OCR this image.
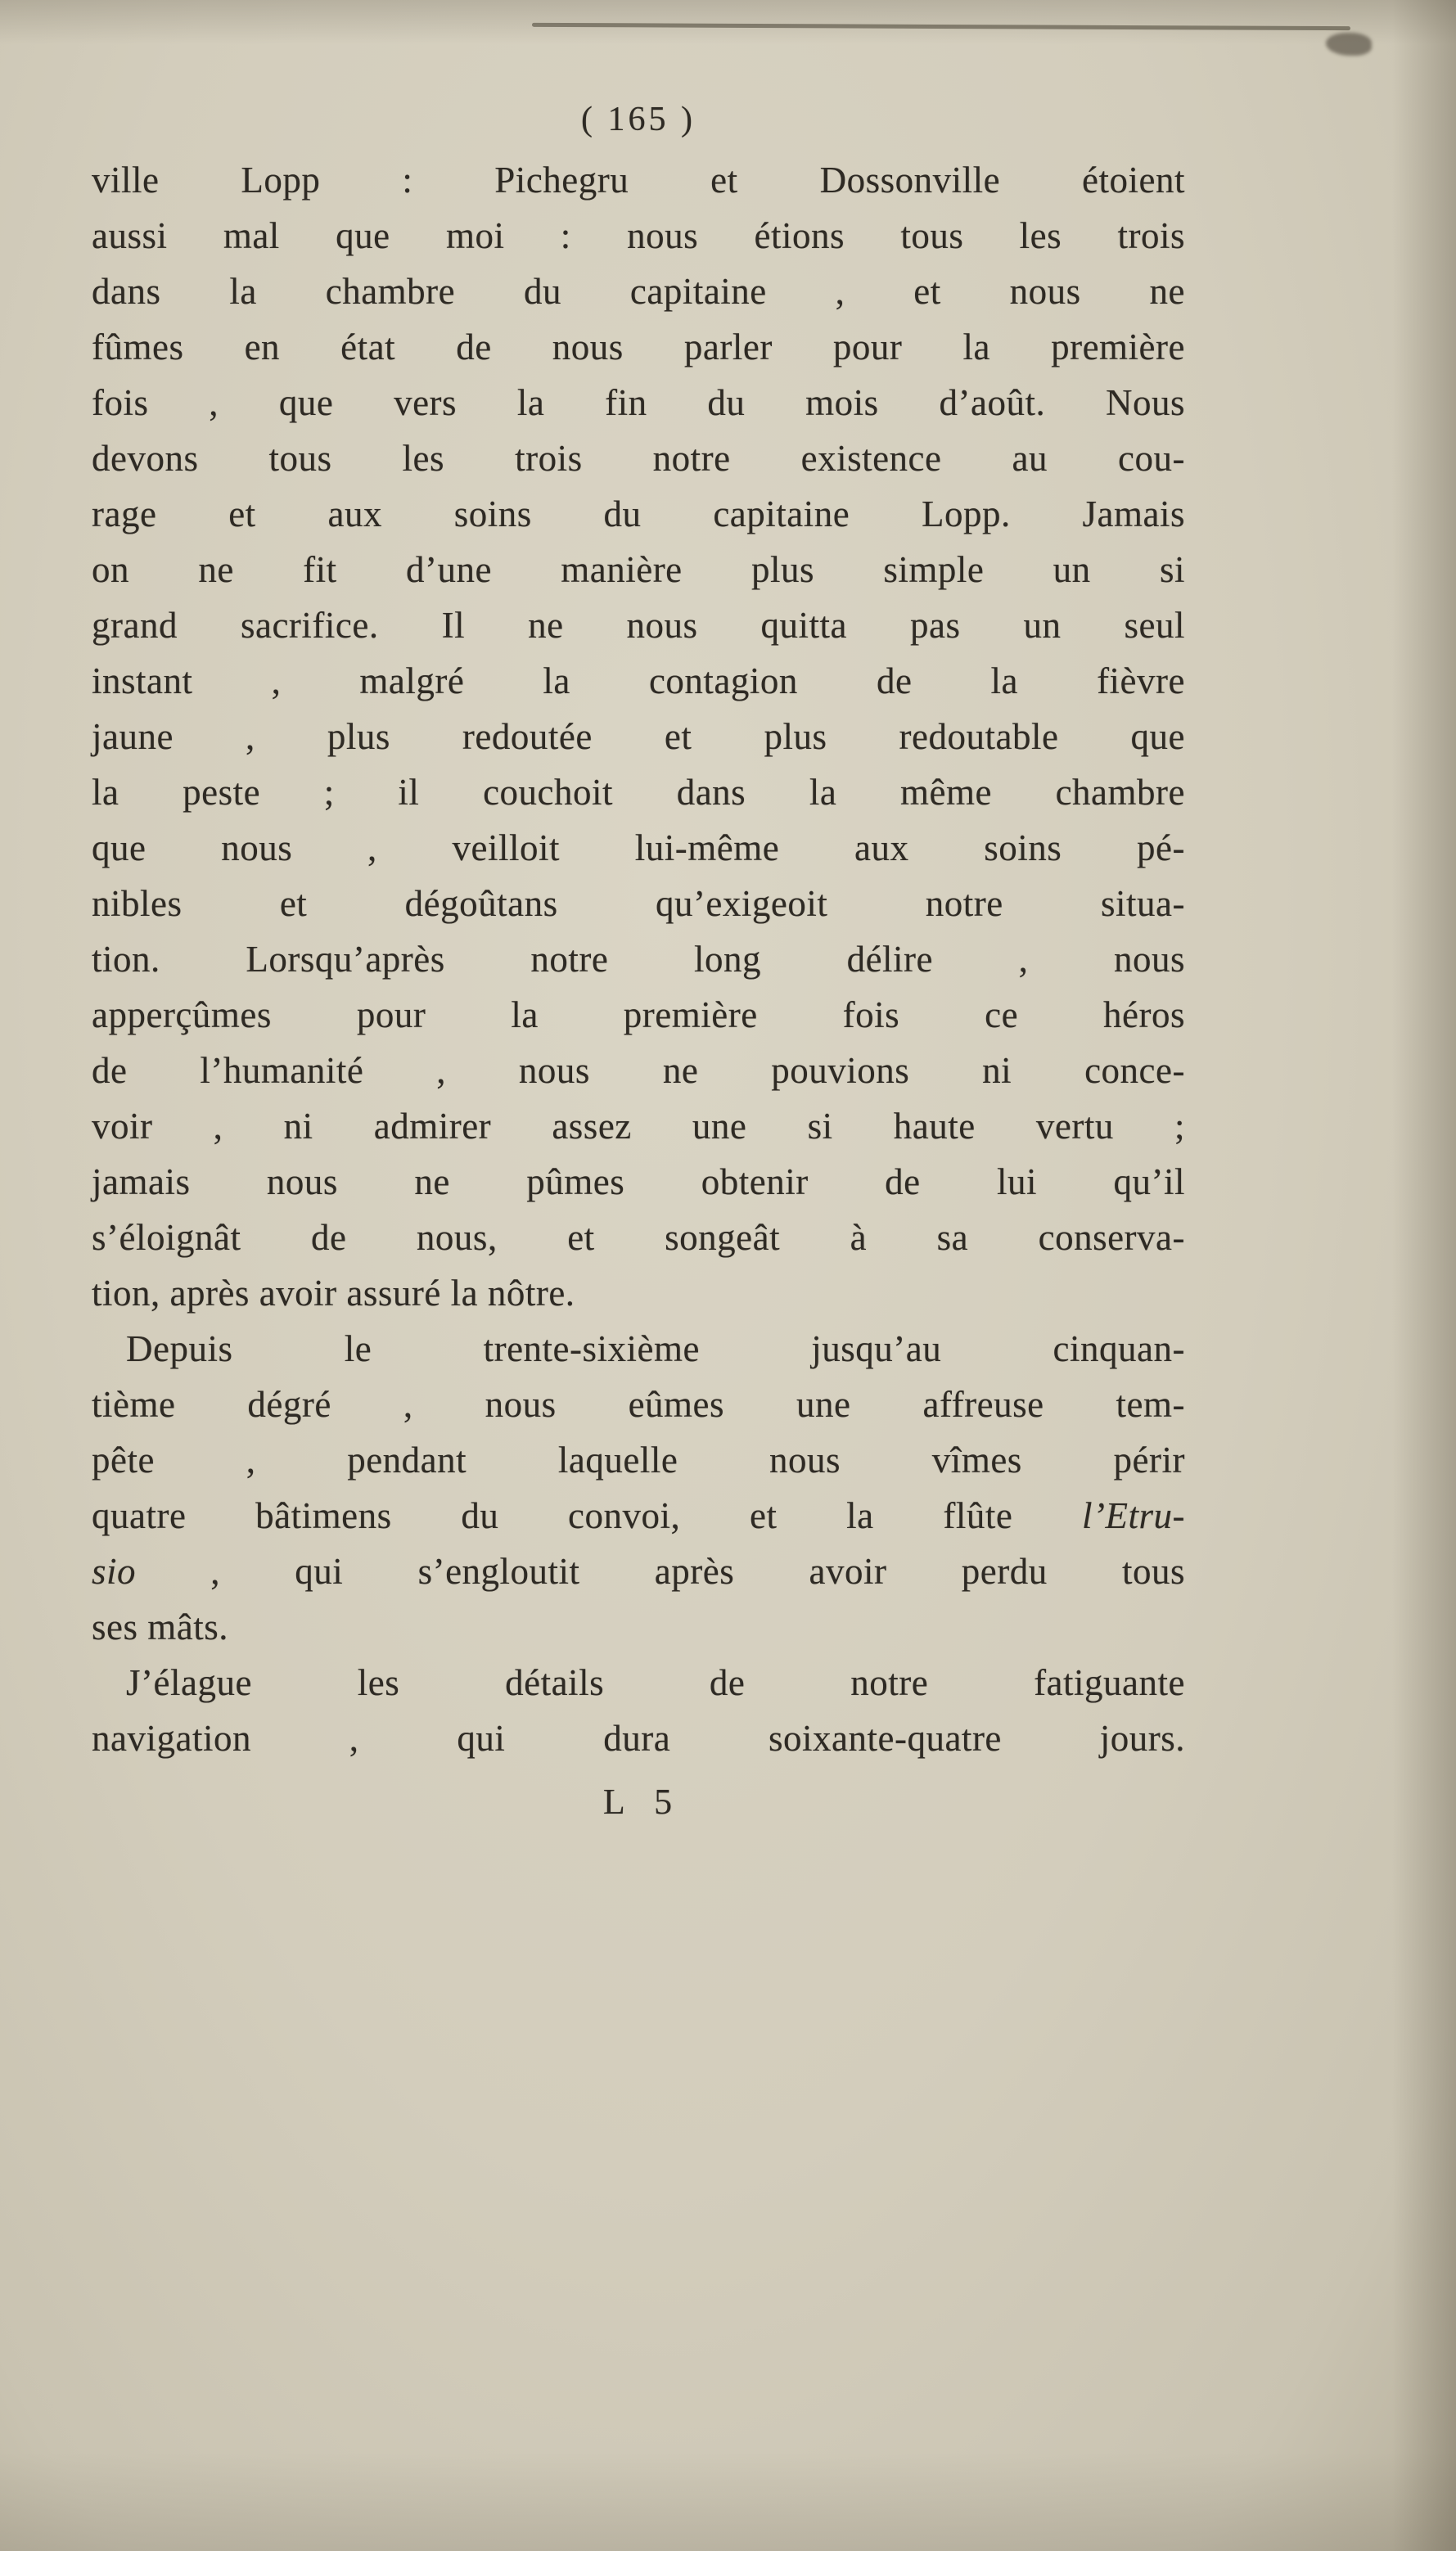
( 165 )
ville Lopp : Pichegru et Dossonville étoient
aussi mal que moi : nous étions tous les trois
dans la chambre du capitaine , et nous ne
fûmes en état de nous parler pour la première
fois , que vers la fin du mois d’août. Nous
devons tous les trois notre existence au cou-
rage et aux soins du capitaine Lopp. Jamais
on ne fit d’une manière plus simple un si
grand sacrifice. Il ne nous quitta pas un seul
instant , malgré la contagion de la fièvre
jaune , plus redoutée et plus redoutable que
la peste ; il couchoit dans la même chambre
que nous , veilloit lui-même aux soins pé-
nibles et dégoûtans qu’exigeoit notre situa-
tion. Lorsqu’après notre long délire , nous
apperçûmes pour la première fois ce héros
de l’humanité , nous ne pouvions ni conce-
voir , ni admirer assez une si haute vertu ;
jamais nous ne pûmes obtenir de lui qu’il
s’éloignât de nous, et songeât à sa conserva-
tion, après avoir assuré la nôtre.
Depuis le trente-sixième jusqu’au cinquan-
tième dégré , nous eûmes une affreuse tem-
pête , pendant laquelle nous vîmes périr
quatre bâtimens du convoi, et la flûte l’Etru-
sio , qui s’engloutit après avoir perdu tous
ses mâts.
J’élague les détails de notre fatiguante
navigation , qui dura soixante-quatre jours.
L 5
